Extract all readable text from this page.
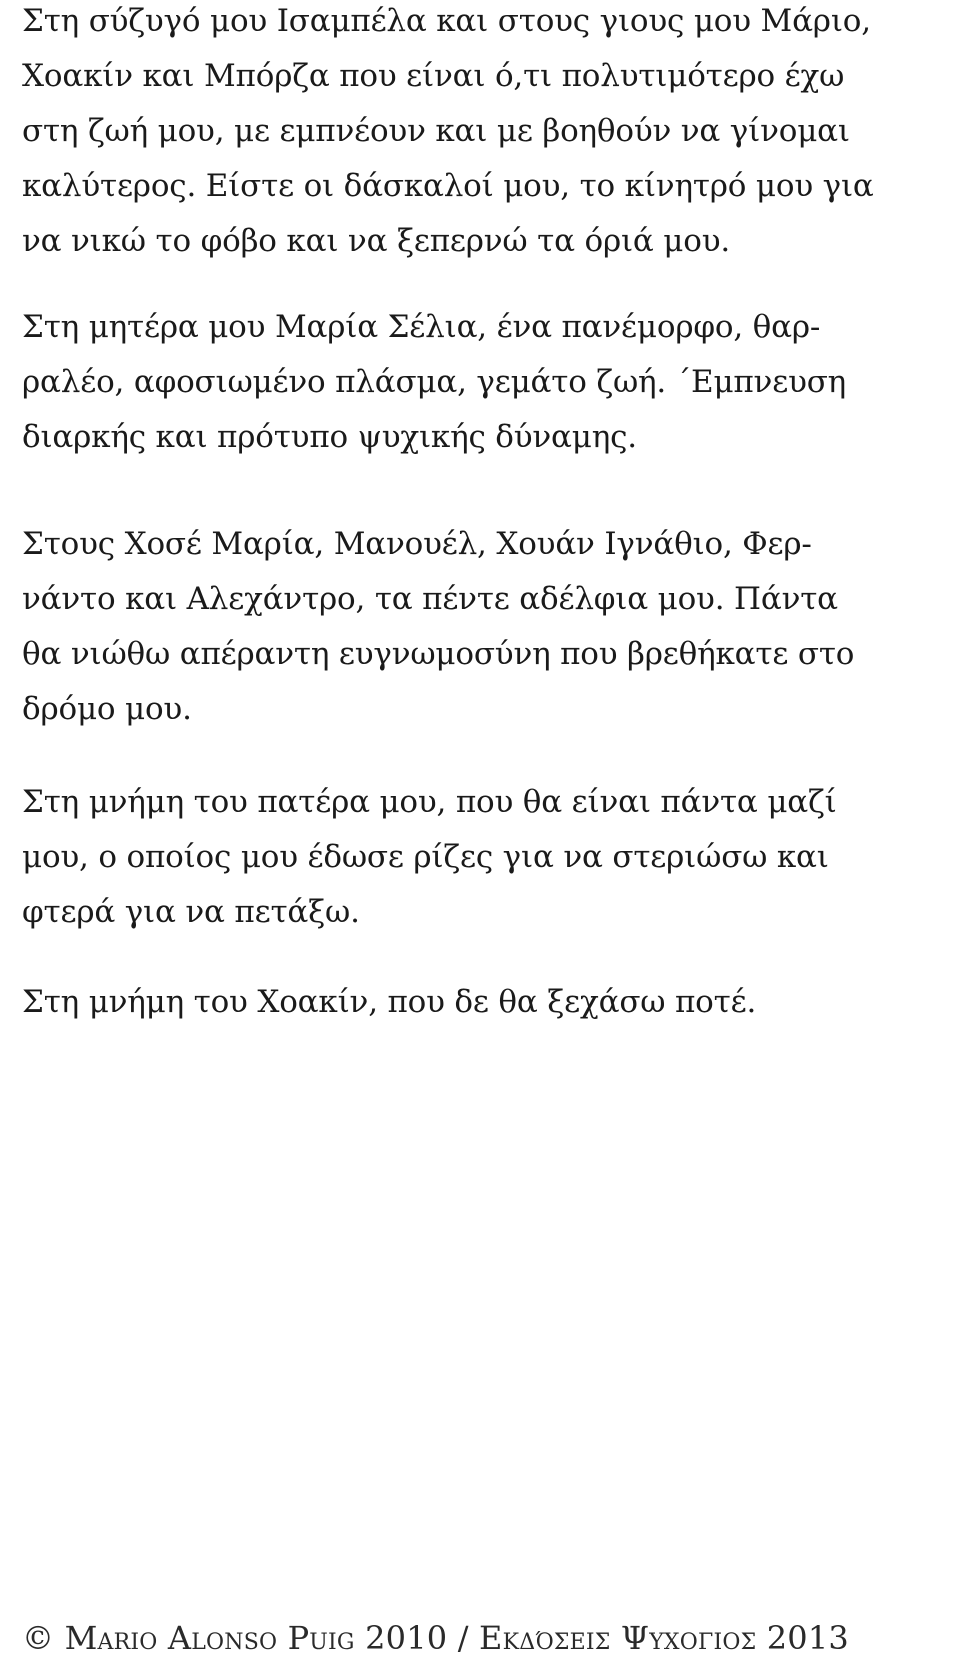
Στη σύζυγό μου Ισαμπέλα και στους γιους μου Μάριο,
Χοακίν και Μπόρζα που είναι ό,τι πολυτιμότερο έχω
στη ζωή μου, με εμπνέουν και με βοηθούν να γίνομαι
καλύτερος. Είστε οι δάσκαλοί μου, το κίνητρό μου για
να νικώ το φόβο και να ξεπερνώ τα όριά μου.
Στη μητέρα μου Μαρία Σέλια, ένα πανέμορφο, θαρ-
ραλέο, αφοσιωμένο πλάσμα, γεμάτο ζωή. ´Εμπνευση
διαρκής και πρότυπο ψυχικής δύναμης.
Στους Χοσέ Μαρία, Μανουέλ, Χουάν Ιγνάθιο, Φερ-
νάντο και Αλεχάντρο, τα πέντε αδέλφια μου. Πάντα
θα νιώθω απέραντη ευγνωμοσύνη που βρεθήκατε στο
δρόμο μου.
Στη μνήμη του πατέρα μου, που θα είναι πάντα μαζί
μου, ο οποίος μου έδωσε ρίζες για να στεριώσω και
φτερά για να πετάξω.
Στη μνήμη του Χοακίν, που δε θα ξεχάσω ποτέ.
© Mario Alonso Puig 2010 / Εκδόσεισ Ψυχογιοσ 2013
